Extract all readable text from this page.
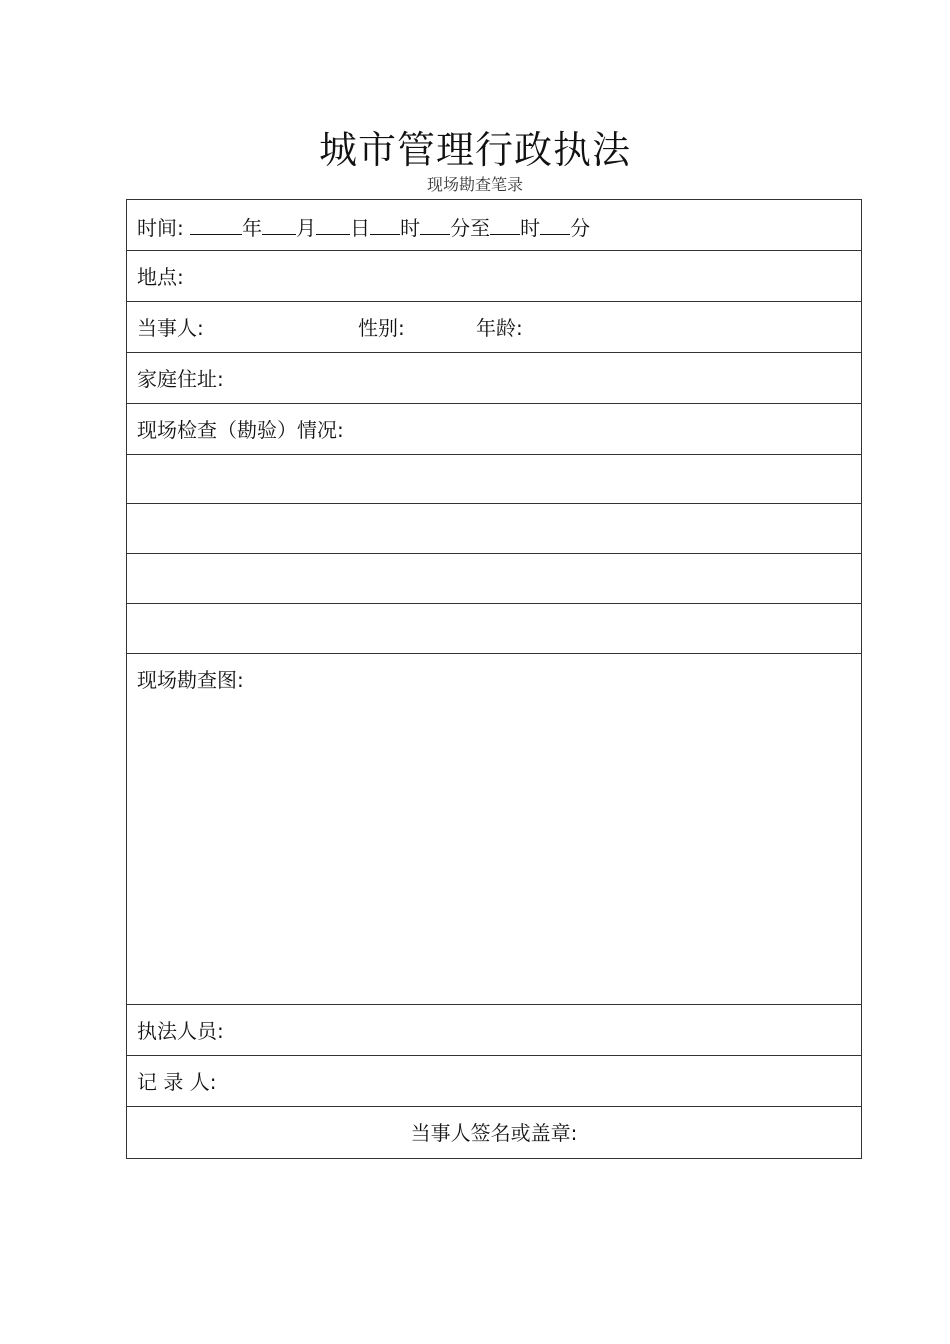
城市管理行政执法
现场勘查笔录
时间:	年 月 日 时 分至 时 分
地点:
当事人:	性别:	年龄:
家庭住址:
现场检查（勘验）情况:
现场勘查图:
执法人员:
记 录 人:
当事人签名或盖章:
